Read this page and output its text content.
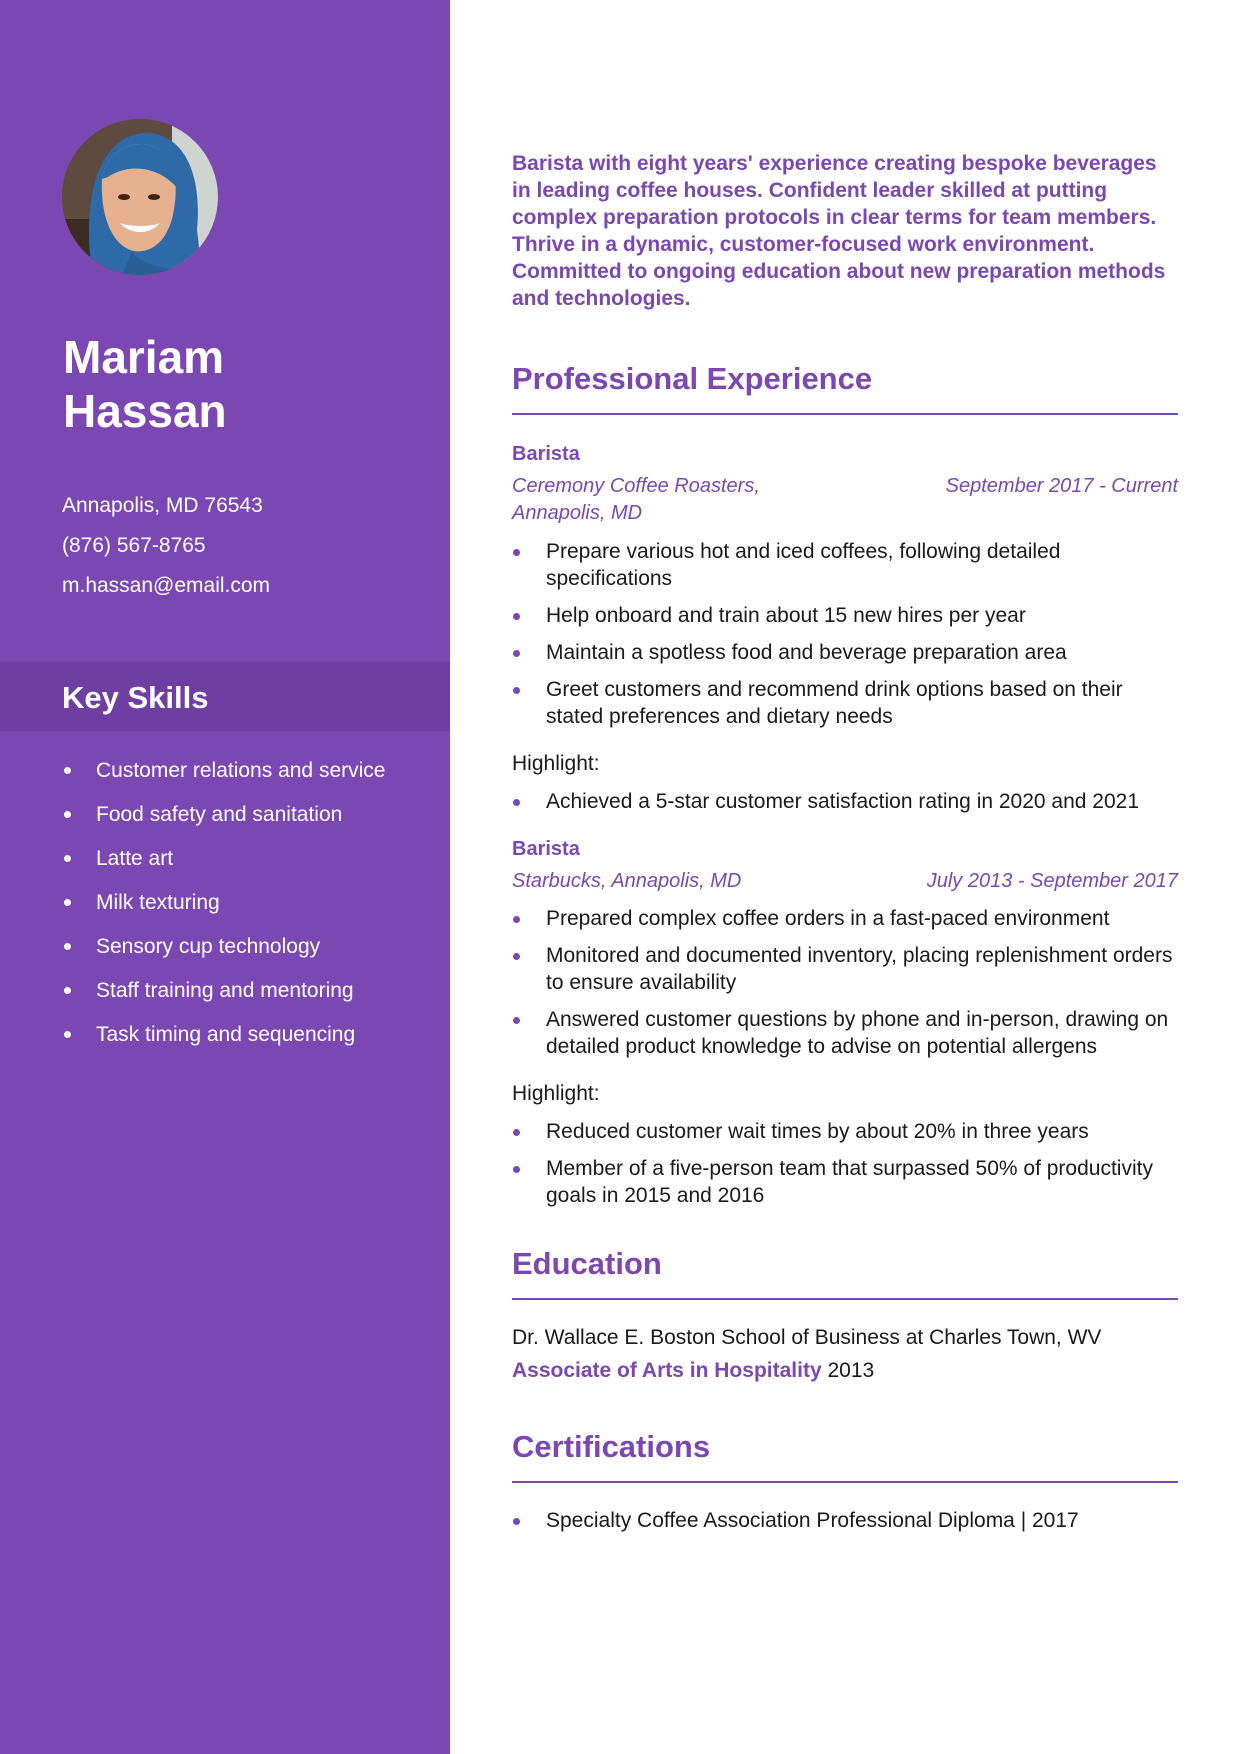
Mariam
Hassan
Annapolis, MD 76543
(876) 567-8765
m.hassan@email.com
Key Skills
Customer relations and service
Food safety and sanitation
Latte art
Milk texturing
Sensory cup technology
Staff training and mentoring
Task timing and sequencing

Barista with eight years' experience creating bespoke beverages in leading coffee houses. Confident leader skilled at putting complex preparation protocols in clear terms for team members. Thrive in a dynamic, customer-focused work environment. Committed to ongoing education about new preparation methods and technologies.

Professional Experience
Barista
Ceremony Coffee Roasters, Annapolis, MD
September 2017 - Current
Prepare various hot and iced coffees, following detailed specifications
Help onboard and train about 15 new hires per year
Maintain a spotless food and beverage preparation area
Greet customers and recommend drink options based on their stated preferences and dietary needs
Highlight:
Achieved a 5-star customer satisfaction rating in 2020 and 2021
Barista
Starbucks, Annapolis, MD	July 2013 - September 2017
Prepared complex coffee orders in a fast-paced environment
Monitored and documented inventory, placing replenishment orders to ensure availability
Answered customer questions by phone and in-person, drawing on detailed product knowledge to advise on potential allergens
Highlight:
Reduced customer wait times by about 20% in three years
Member of a five-person team that surpassed 50% of productivity goals in 2015 and 2016
Education
Dr. Wallace E. Boston School of Business at Charles Town, WV
Associate of Arts in Hospitality 2013
Certifications
Specialty Coffee Association Professional Diploma | 2017
